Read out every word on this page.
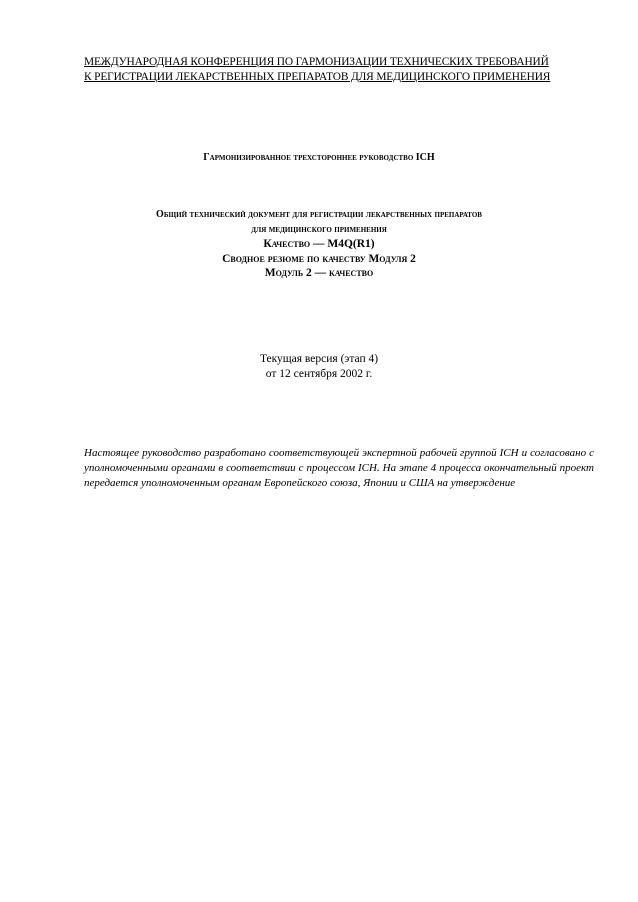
МЕЖДУНАРОДНАЯ КОНФЕРЕНЦИЯ ПО ГАРМОНИЗАЦИИ ТЕХНИЧЕСКИХ ТРЕБОВАНИЙ
К РЕГИСТРАЦИИ ЛЕКАРСТВЕННЫХ ПРЕПАРАТОВ ДЛЯ МЕДИЦИНСКОГО ПРИМЕНЕНИЯ
Гармонизированное трехстороннее руководство ICH
Общий технический документ для регистрации лекарственных препаратов
для медицинского применения
Качество — M4Q(R1)
Сводное резюме по качеству Модуля 2
Модуль 2 — качество
Текущая версия (этап 4)
от 12 сентября 2002 г.
Настоящее руководство разработано соответствующей экспертной рабочей группой ICH и согласовано с уполномоченными органами в соответствии с процессом ICH. На этапе 4 процесса окончательный проект передается уполномоченным органам Европейского союза, Японии и США на утверждение
